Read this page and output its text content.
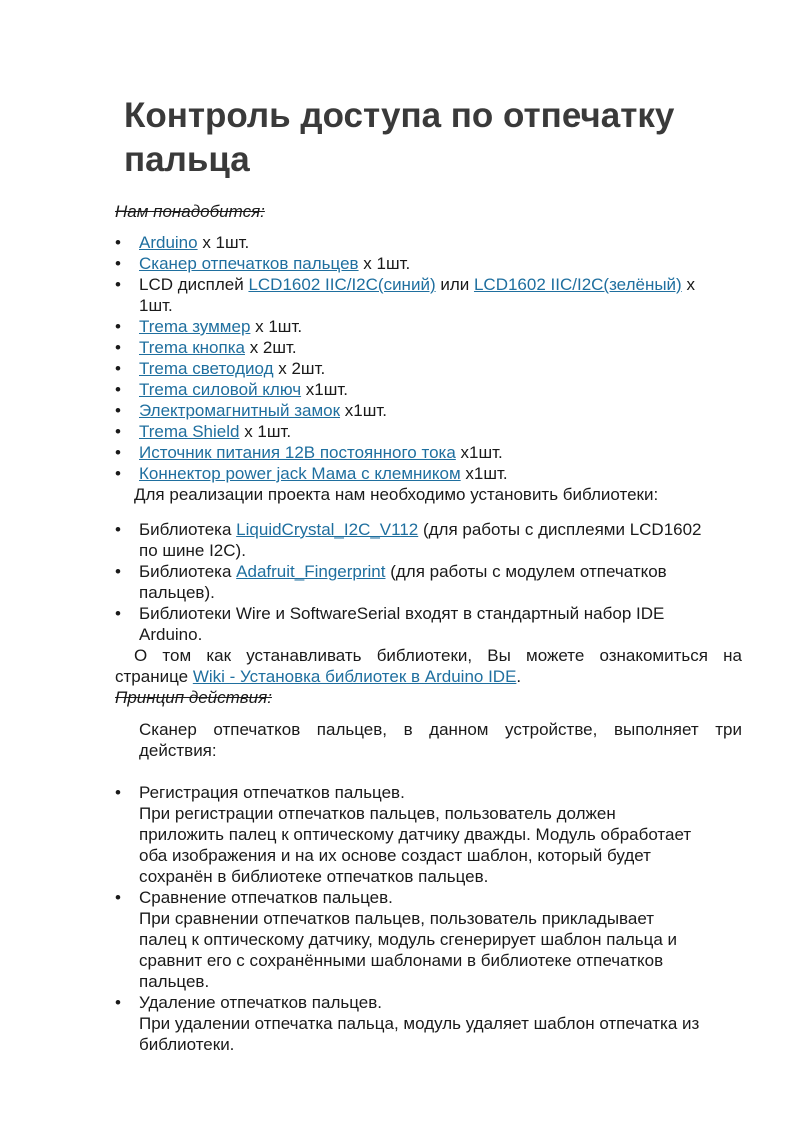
Контроль доступа по отпечатку пальца

Нам понадобится:

• Arduino x 1шт.
• Сканер отпечатков пальцев x 1шт.
• LCD дисплей LCD1602 IIC/I2C(синий) или LCD1602 IIC/I2C(зелёный) x
1шт.
• Trema зуммер x 1шт.
• Trema кнопка x 2шт.
• Trema светодиод x 2шт.
• Trema силовой ключ x1шт.
• Электромагнитный замок x1шт.
• Trema Shield x 1шт.
• Источник питания 12В постоянного тока x1шт.
• Коннектор power jack Мама с клемником x1шт.

Для реализации проекта нам необходимо установить библиотеки:

• Библиотека LiquidCrystal_I2C_V112 (для работы с дисплеями LCD1602
по шине I2C).
• Библиотека Adafruit_Fingerprint (для работы с модулем отпечатков
пальцев).
• Библиотеки Wire и SoftwareSerial входят в стандартный набор IDE
Arduino.
О том как устанавливать библиотеки, Вы можете ознакомиться на
странице Wiki - Установка библиотек в Arduino IDE.

Принцип действия:

Сканер отпечатков пальцев, в данном устройстве, выполняет три
действия:
• Регистрация отпечатков пальцев.
При регистрации отпечатков пальцев, пользователь должен
приложить палец к оптическому датчику дважды. Модуль обработает
оба изображения и на их основе создаст шаблон, который будет
сохранён в библиотеке отпечатков пальцев.
• Сравнение отпечатков пальцев.
При сравнении отпечатков пальцев, пользователь прикладывает
палец к оптическому датчику, модуль сгенерирует шаблон пальца и
сравнит его с сохранёнными шаблонами в библиотеке отпечатков
пальцев.
• Удаление отпечатков пальцев.
При удалении отпечатка пальца, модуль удаляет шаблон отпечатка из
библиотеки.
